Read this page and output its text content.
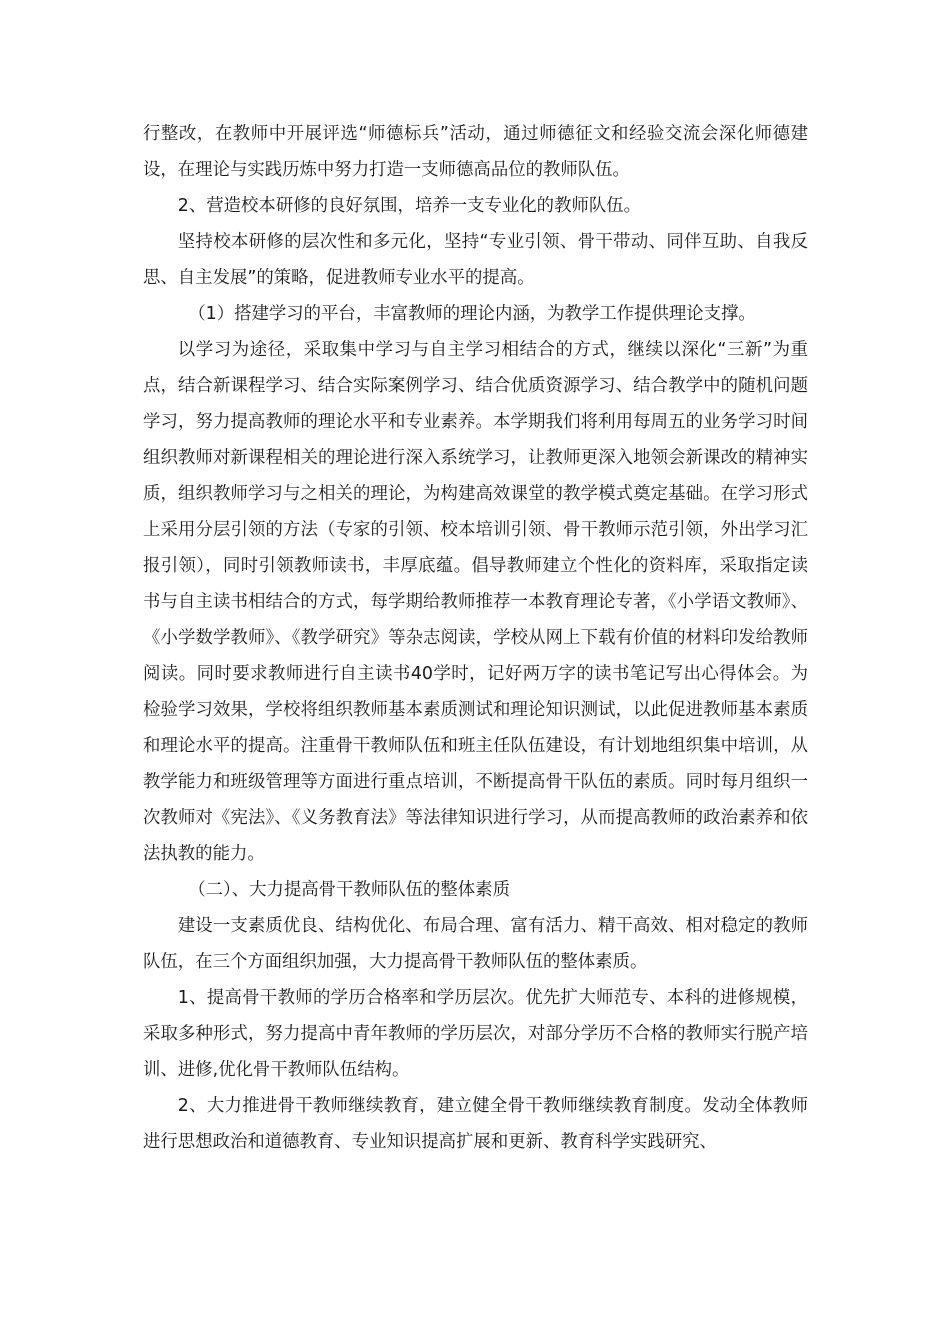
行整改，在教师中开展评选“师德标兵”活动，通过师德征文和经验交流会深化师德建设，在理论与实践历炼中努力打造一支师德高品位的教师队伍。

2、营造校本研修的良好氛围，培养一支专业化的教师队伍。

坚持校本研修的层次性和多元化，坚持“专业引领、骨干带动、同伴互助、自我反思、自主发展”的策略，促进教师专业水平的提高。

（1）搭建学习的平台，丰富教师的理论内涵，为教学工作提供理论支撑。

以学习为途径，采取集中学习与自主学习相结合的方式，继续以深化“三新”为重点，结合新课程学习、结合实际案例学习、结合优质资源学习、结合教学中的随机问题学习，努力提高教师的理论水平和专业素养。本学期我们将利用每周五的业务学习时间组织教师对新课程相关的理论进行深入系统学习，让教师更深入地领会新课改的精神实质，组织教师学习与之相关的理论，为构建高效课堂的教学模式奠定基础。在学习形式上采用分层引领的方法（专家的引领、校本培训引领、骨干教师示范引领，外出学习汇报引领），同时引领教师读书，丰厚底蕴。倡导教师建立个性化的资料库，采取指定读书与自主读书相结合的方式，每学期给教师推荐一本教育理论专著，《小学语文教师》、《小学数学教师》、《教学研究》等杂志阅读，学校从网上下载有价值的材料印发给教师阅读。同时要求教师进行自主读书40学时，记好两万字的读书笔记写出心得体会。为检验学习效果，学校将组织教师基本素质测试和理论知识测试，以此促进教师基本素质和理论水平的提高。注重骨干教师队伍和班主任队伍建设，有计划地组织集中培训，从教学能力和班级管理等方面进行重点培训，不断提高骨干队伍的素质。同时每月组织一次教师对《宪法》、《义务教育法》等法律知识进行学习，从而提高教师的政治素养和依法执教的能力。

（二）、大力提高骨干教师队伍的整体素质

建设一支素质优良、结构优化、布局合理、富有活力、精干高效、相对稳定的教师队伍，在三个方面组织加强，大力提高骨干教师队伍的整体素质。

1、提高骨干教师的学历合格率和学历层次。优先扩大师范专、本科的进修规模，采取多种形式，努力提高中青年教师的学历层次，对部分学历不合格的教师实行脱产培训、进修,优化骨干教师队伍结构。

2、大力推进骨干教师继续教育，建立健全骨干教师继续教育制度。发动全体教师进行思想政治和道德教育、专业知识提高扩展和更新、教育科学实践研究、
